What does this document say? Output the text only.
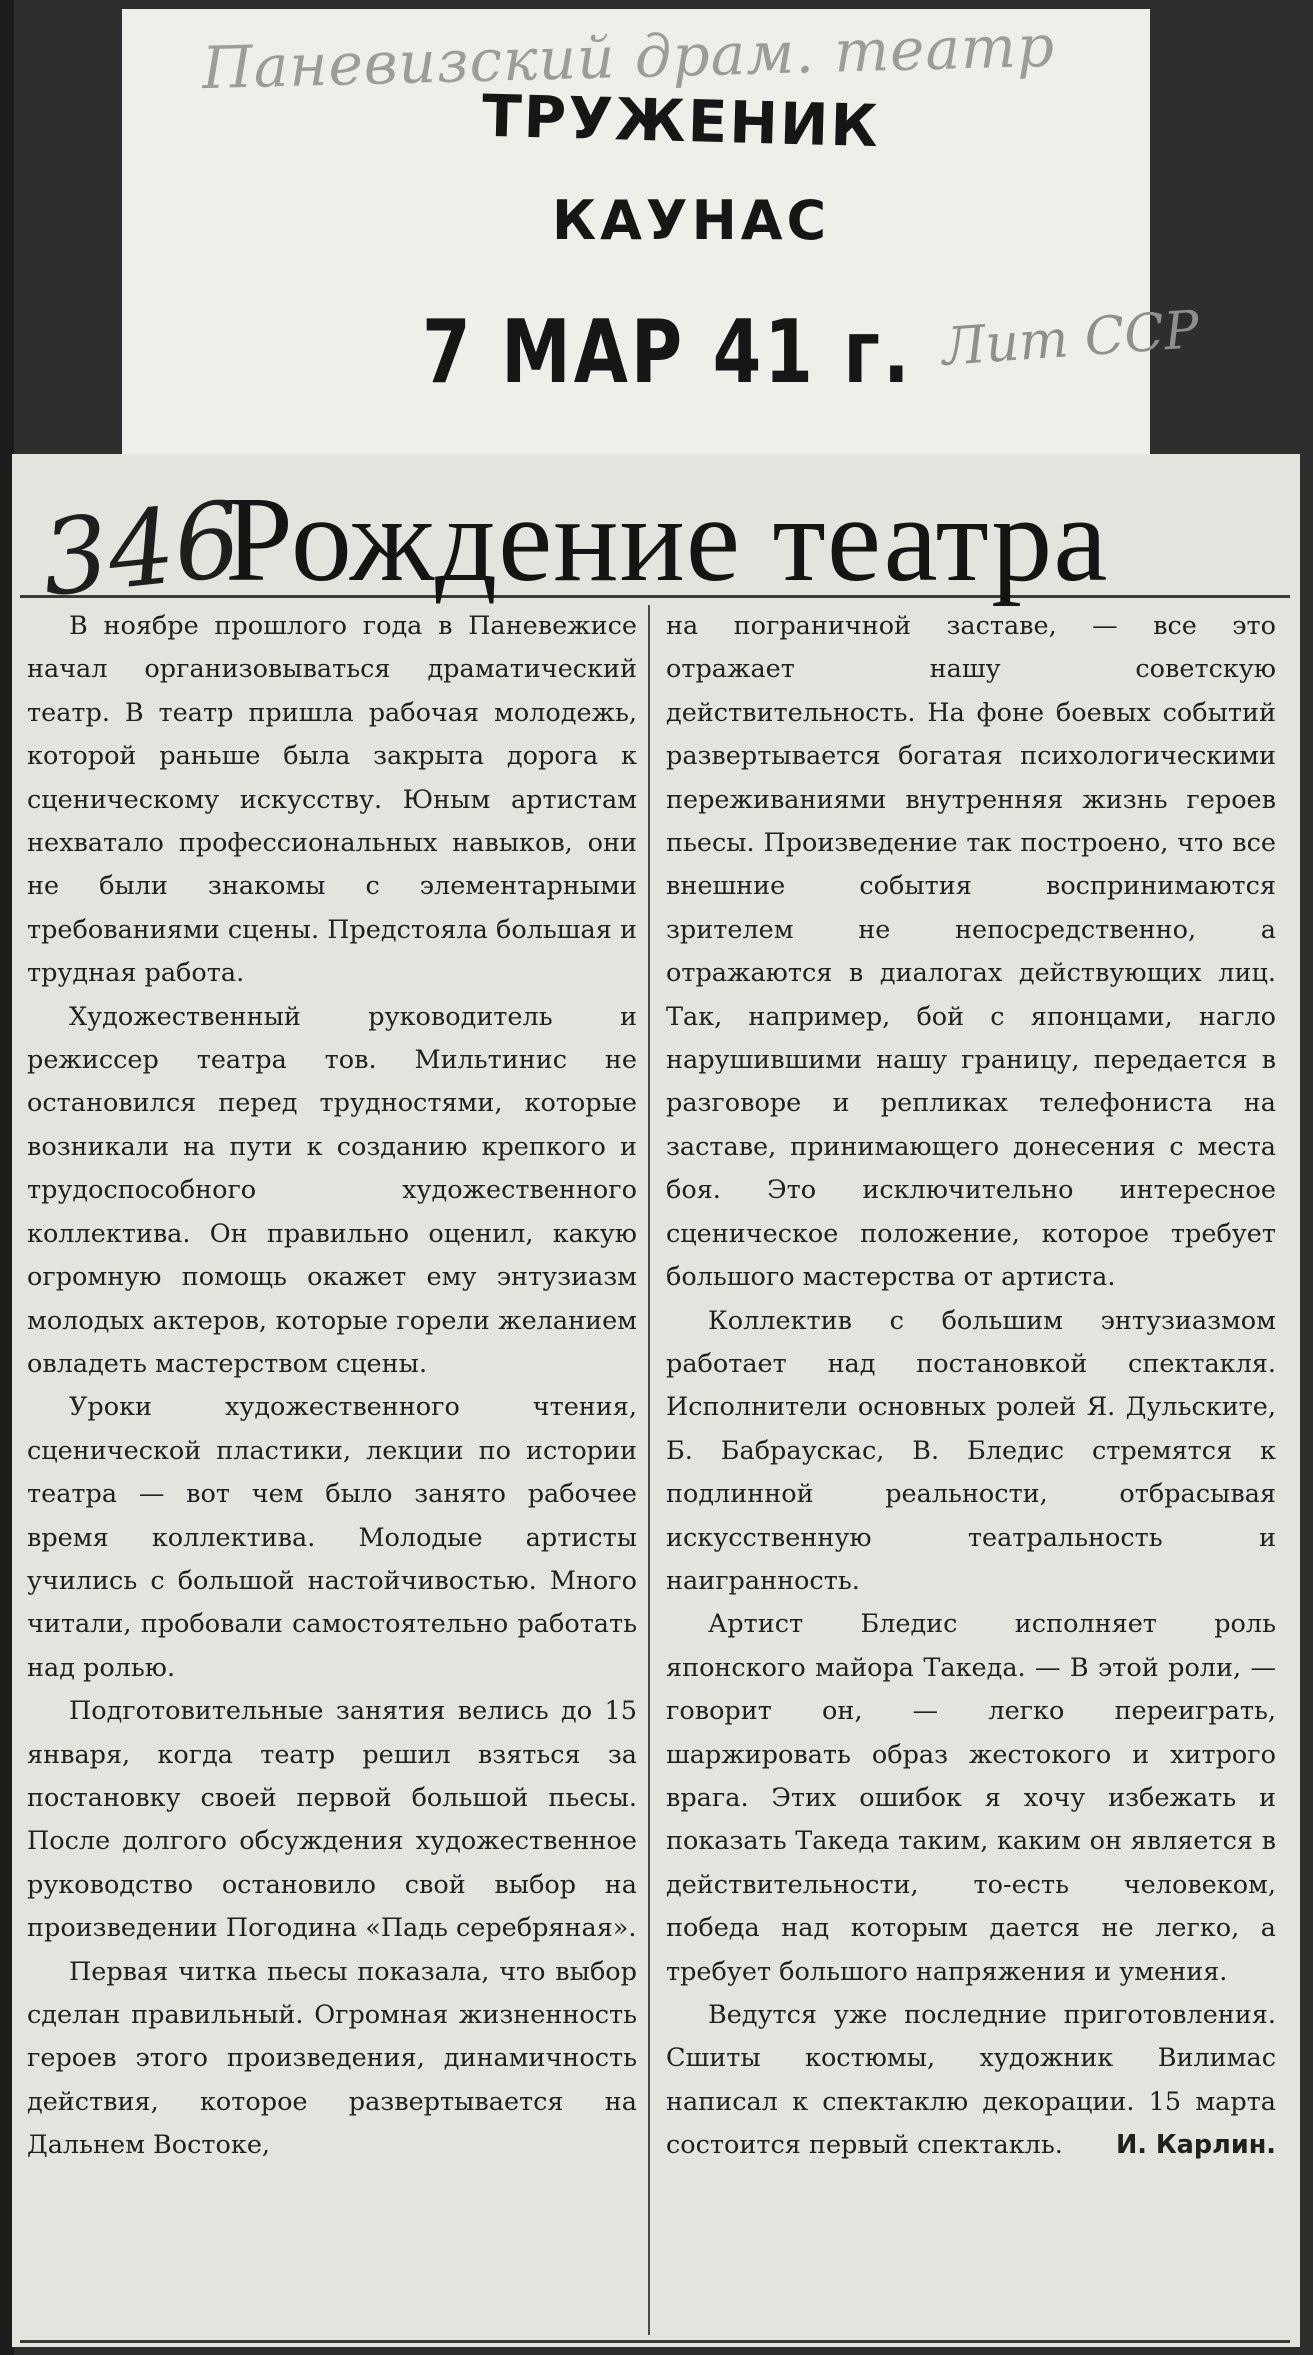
Паневизский драм. театр
ТРУЖЕНИК
КАУНАС
7 МАР 41 г. Лит ССР
346
Рождение театра

В ноябре прошлого года в Паневежисе начал организовываться драматический театр. В театр пришла рабочая молодежь, которой раньше была закрыта дорога к сценическому искусству. Юным артистам нехватало профессиональных навыков, они не были знакомы с элементарными требованиями сцены. Предстояла большая и трудная работа.

Художественный руководитель и режиссер театра тов. Мильтинис не остановился перед трудностями, которые возникали на пути к созданию крепкого и трудоспособного художественного коллектива. Он правильно оценил, какую огромную помощь окажет ему энтузиазм молодых актеров, которые горели желанием овладеть мастерством сцены.

Уроки художественного чтения, сценической пластики, лекции по истории театра — вот чем было занято рабочее время коллектива. Молодые артисты учились с большой настойчивостью. Много читали, пробовали самостоятельно работать над ролью.

Подготовительные занятия велись до 15 января, когда театр решил взяться за постановку своей первой большой пьесы. После долгого обсуждения художественное руководство остановило свой выбор на произведении Погодина «Падь серебряная».

Первая читка пьесы показала, что выбор сделан правильный. Огромная жизненность героев этого произведения, динамичность действия, которое развертывается на Дальнем Востоке,

на пограничной заставе, — все это отражает нашу советскую действительность. На фоне боевых событий развертывается богатая психологическими переживаниями внутренняя жизнь героев пьесы. Произведение так построено, что все внешние события воспринимаются зрителем не непосредственно, а отражаются в диалогах действующих лиц. Так, например, бой с японцами, нагло нарушившими нашу границу, передается в разговоре и репликах телефониста на заставе, принимающего донесения с места боя. Это исключительно интересное сценическое положение, которое требует большого мастерства от артиста.

Коллектив с большим энтузиазмом работает над постановкой спектакля. Исполнители основных ролей Я. Дульските, Б. Бабраускас, В. Бледис стремятся к подлинной реальности, отбрасывая искусственную театральность и наигранность.

Артист Бледис исполняет роль японского майора Такеда. — В этой роли, — говорит он, — легко переиграть, шаржировать образ жестокого и хитрого врага. Этих ошибок я хочу избежать и показать Такеда таким, каким он является в действительности, то-есть человеком, победа над которым дается не легко, а требует большого напряжения и умения.

Ведутся уже последние приготовления. Сшиты костюмы, художник Вилимас написал к спектаклю декорации. 15 марта состоится первый спектакль.	И. Карлин.
